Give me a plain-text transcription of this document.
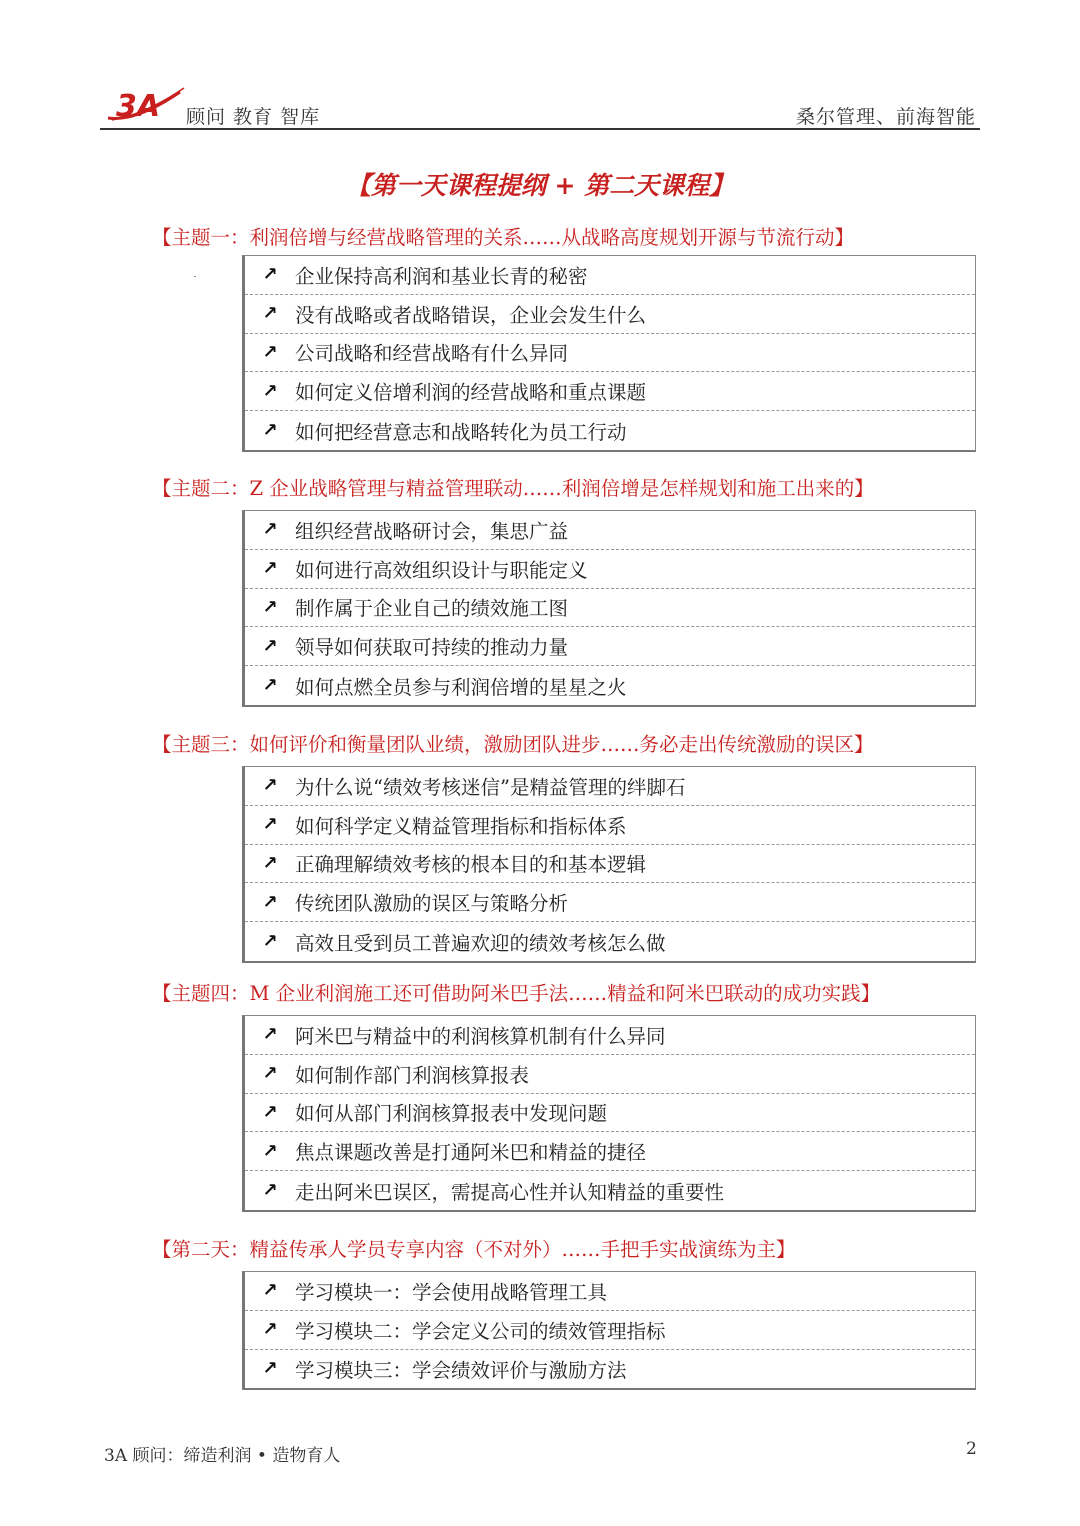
3A 顾问 教育 智库	桑尔管理、前海智能
【第一天课程提纲 + 第二天课程】
【主题一：利润倍增与经营战略管理的关系……从战略高度规划开源与节流行动】
↗ 企业保持高利润和基业长青的秘密
↗ 没有战略或者战略错误，企业会发生什么
↗ 公司战略和经营战略有什么异同
↗ 如何定义倍增利润的经营战略和重点课题
↗ 如何把经营意志和战略转化为员工行动
【主题二：Z 企业战略管理与精益管理联动……利润倍增是怎样规划和施工出来的】
↗ 组织经营战略研讨会，集思广益
↗ 如何进行高效组织设计与职能定义
↗ 制作属于企业自己的绩效施工图
↗ 领导如何获取可持续的推动力量
↗ 如何点燃全员参与利润倍增的星星之火
【主题三：如何评价和衡量团队业绩，激励团队进步……务必走出传统激励的误区】
↗ 为什么说“绩效考核迷信”是精益管理的绊脚石
↗ 如何科学定义精益管理指标和指标体系
↗ 正确理解绩效考核的根本目的和基本逻辑
↗ 传统团队激励的误区与策略分析
↗ 高效且受到员工普遍欢迎的绩效考核怎么做
【主题四：M 企业利润施工还可借助阿米巴手法……精益和阿米巴联动的成功实践】
↗ 阿米巴与精益中的利润核算机制有什么异同
↗ 如何制作部门利润核算报表
↗ 如何从部门利润核算报表中发现问题
↗ 焦点课题改善是打通阿米巴和精益的捷径
↗ 走出阿米巴误区，需提高心性并认知精益的重要性
【第二天：精益传承人学员专享内容（不对外）……手把手实战演练为主】
↗ 学习模块一：学会使用战略管理工具
↗ 学习模块二：学会定义公司的绩效管理指标
↗ 学习模块三：学会绩效评价与激励方法
3A 顾问：缔造利润 • 造物育人	2
